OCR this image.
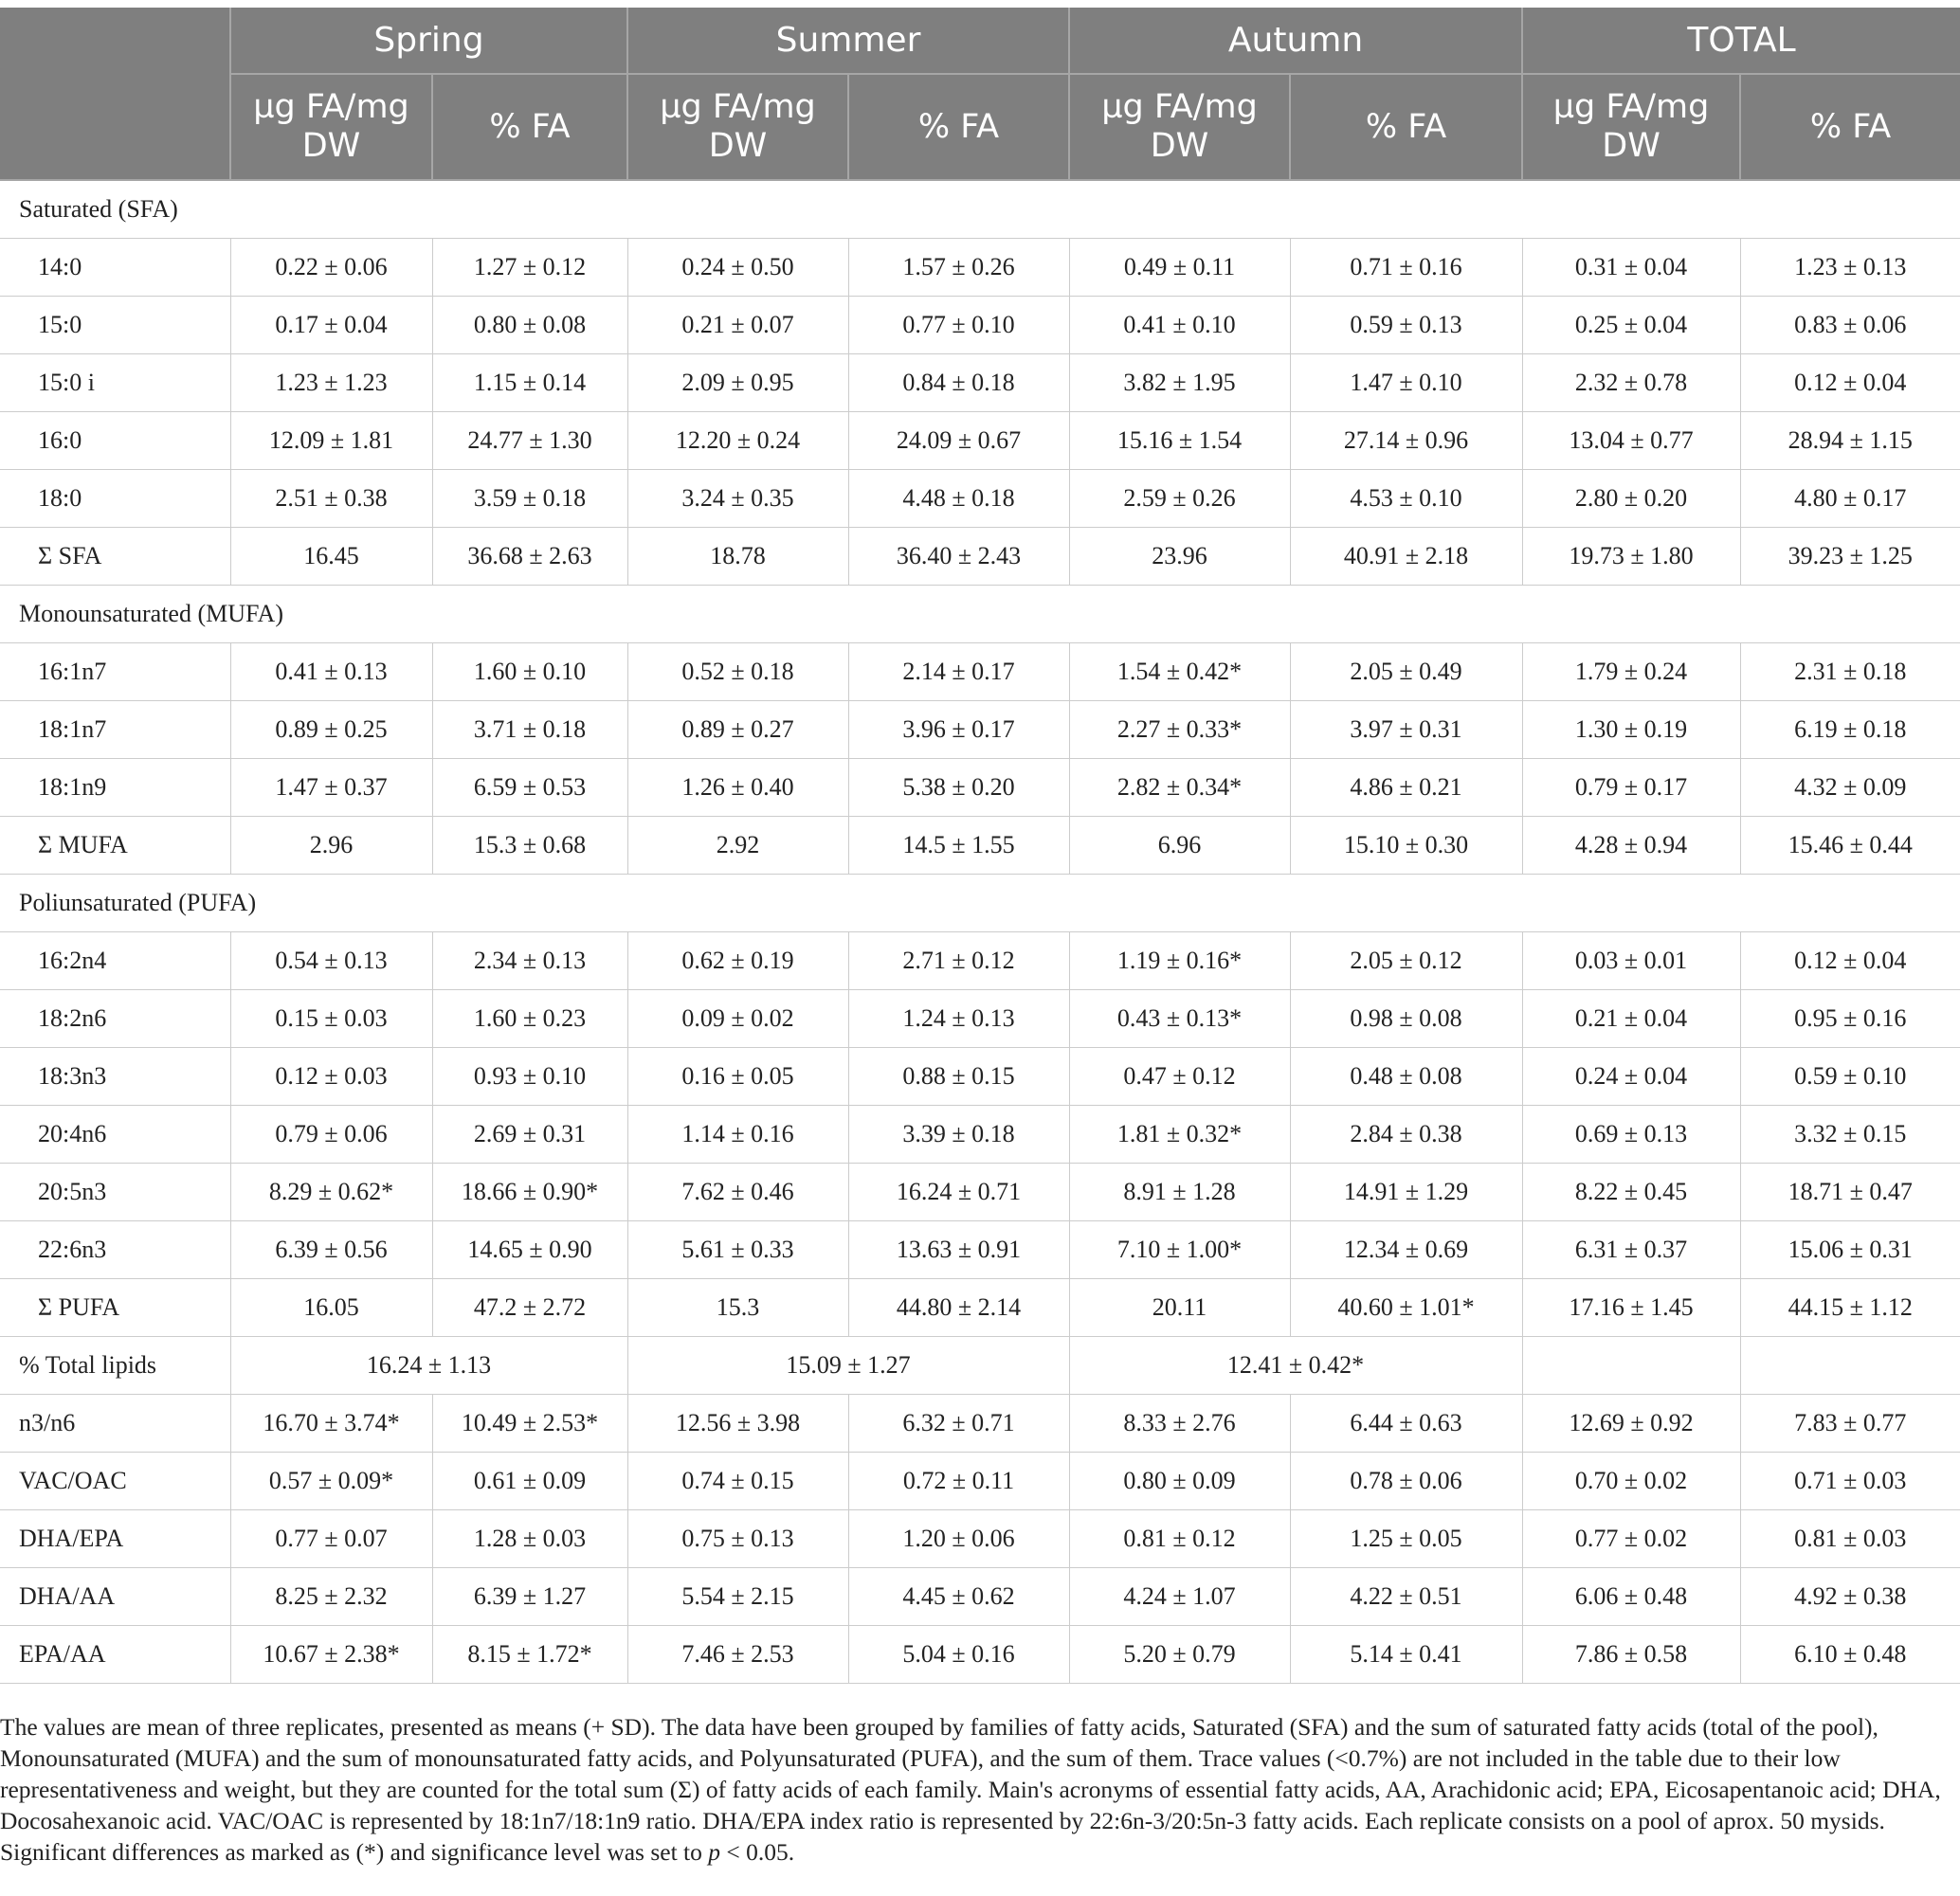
	Spring		Summer		Autumn		TOTAL	
	µg FA/mg DW	% FA	µg FA/mg DW	% FA	µg FA/mg DW	% FA	µg FA/mg DW	% FA
Saturated (SFA)								
14:0	0.22 ± 0.06	1.27 ± 0.12	0.24 ± 0.50	1.57 ± 0.26	0.49 ± 0.11	0.71 ± 0.16	0.31 ± 0.04	1.23 ± 0.13
15:0	0.17 ± 0.04	0.80 ± 0.08	0.21 ± 0.07	0.77 ± 0.10	0.41 ± 0.10	0.59 ± 0.13	0.25 ± 0.04	0.83 ± 0.06
15:0 i	1.23 ± 1.23	1.15 ± 0.14	2.09 ± 0.95	0.84 ± 0.18	3.82 ± 1.95	1.47 ± 0.10	2.32 ± 0.78	0.12 ± 0.04
16:0	12.09 ± 1.81	24.77 ± 1.30	12.20 ± 0.24	24.09 ± 0.67	15.16 ± 1.54	27.14 ± 0.96	13.04 ± 0.77	28.94 ± 1.15
18:0	2.51 ± 0.38	3.59 ± 0.18	3.24 ± 0.35	4.48 ± 0.18	2.59 ± 0.26	4.53 ± 0.10	2.80 ± 0.20	4.80 ± 0.17
Σ SFA	16.45	36.68 ± 2.63	18.78	36.40 ± 2.43	23.96	40.91 ± 2.18	19.73 ± 1.80	39.23 ± 1.25
Monounsaturated (MUFA)								
16:1n7	0.41 ± 0.13	1.60 ± 0.10	0.52 ± 0.18	2.14 ± 0.17	1.54 ± 0.42*	2.05 ± 0.49	1.79 ± 0.24	2.31 ± 0.18
18:1n7	0.89 ± 0.25	3.71 ± 0.18	0.89 ± 0.27	3.96 ± 0.17	2.27 ± 0.33*	3.97 ± 0.31	1.30 ± 0.19	6.19 ± 0.18
18:1n9	1.47 ± 0.37	6.59 ± 0.53	1.26 ± 0.40	5.38 ± 0.20	2.82 ± 0.34*	4.86 ± 0.21	0.79 ± 0.17	4.32 ± 0.09
Σ MUFA	2.96	15.3 ± 0.68	2.92	14.5 ± 1.55	6.96	15.10 ± 0.30	4.28 ± 0.94	15.46 ± 0.44
Poliunsaturated (PUFA)								
16:2n4	0.54 ± 0.13	2.34 ± 0.13	0.62 ± 0.19	2.71 ± 0.12	1.19 ± 0.16*	2.05 ± 0.12	0.03 ± 0.01	0.12 ± 0.04
18:2n6	0.15 ± 0.03	1.60 ± 0.23	0.09 ± 0.02	1.24 ± 0.13	0.43 ± 0.13*	0.98 ± 0.08	0.21 ± 0.04	0.95 ± 0.16
18:3n3	0.12 ± 0.03	0.93 ± 0.10	0.16 ± 0.05	0.88 ± 0.15	0.47 ± 0.12	0.48 ± 0.08	0.24 ± 0.04	0.59 ± 0.10
20:4n6	0.79 ± 0.06	2.69 ± 0.31	1.14 ± 0.16	3.39 ± 0.18	1.81 ± 0.32*	2.84 ± 0.38	0.69 ± 0.13	3.32 ± 0.15
20:5n3	8.29 ± 0.62*	18.66 ± 0.90*	7.62 ± 0.46	16.24 ± 0.71	8.91 ± 1.28	14.91 ± 1.29	8.22 ± 0.45	18.71 ± 0.47
22:6n3	6.39 ± 0.56	14.65 ± 0.90	5.61 ± 0.33	13.63 ± 0.91	7.10 ± 1.00*	12.34 ± 0.69	6.31 ± 0.37	15.06 ± 0.31
Σ PUFA	16.05	47.2 ± 2.72	15.3	44.80 ± 2.14	20.11	40.60 ± 1.01*	17.16 ± 1.45	44.15 ± 1.12
% Total lipids	16.24 ± 1.13		15.09 ± 1.27		12.41 ± 0.42*			
n3/n6	16.70 ± 3.74*	10.49 ± 2.53*	12.56 ± 3.98	6.32 ± 0.71	8.33 ± 2.76	6.44 ± 0.63	12.69 ± 0.92	7.83 ± 0.77
VAC/OAC	0.57 ± 0.09*	0.61 ± 0.09	0.74 ± 0.15	0.72 ± 0.11	0.80 ± 0.09	0.78 ± 0.06	0.70 ± 0.02	0.71 ± 0.03
DHA/EPA	0.77 ± 0.07	1.28 ± 0.03	0.75 ± 0.13	1.20 ± 0.06	0.81 ± 0.12	1.25 ± 0.05	0.77 ± 0.02	0.81 ± 0.03
DHA/AA	8.25 ± 2.32	6.39 ± 1.27	5.54 ± 2.15	4.45 ± 0.62	4.24 ± 1.07	4.22 ± 0.51	6.06 ± 0.48	4.92 ± 0.38
EPA/AA	10.67 ± 2.38*	8.15 ± 1.72*	7.46 ± 2.53	5.04 ± 0.16	5.20 ± 0.79	5.14 ± 0.41	7.86 ± 0.58	6.10 ± 0.48
The values are mean of three replicates, presented as means (+ SD). The data have been grouped by families of fatty acids, Saturated (SFA) and the sum of saturated fatty acids (total of the pool), Monounsaturated (MUFA) and the sum of monounsaturated fatty acids, and Polyunsaturated (PUFA), and the sum of them. Trace values (<0.7%) are not included in the table due to their low representativeness and weight, but they are counted for the total sum (Σ) of fatty acids of each family. Main's acronyms of essential fatty acids, AA, Arachidonic acid; EPA, Eicosapentanoic acid; DHA, Docosahexanoic acid. VAC/OAC is represented by 18:1n7/18:1n9 ratio. DHA/EPA index ratio is represented by 22:6n-3/20:5n-3 fatty acids. Each replicate consists on a pool of aprox. 50 mysids. Significant differences as marked as (*) and significance level was set to p < 0.05.
